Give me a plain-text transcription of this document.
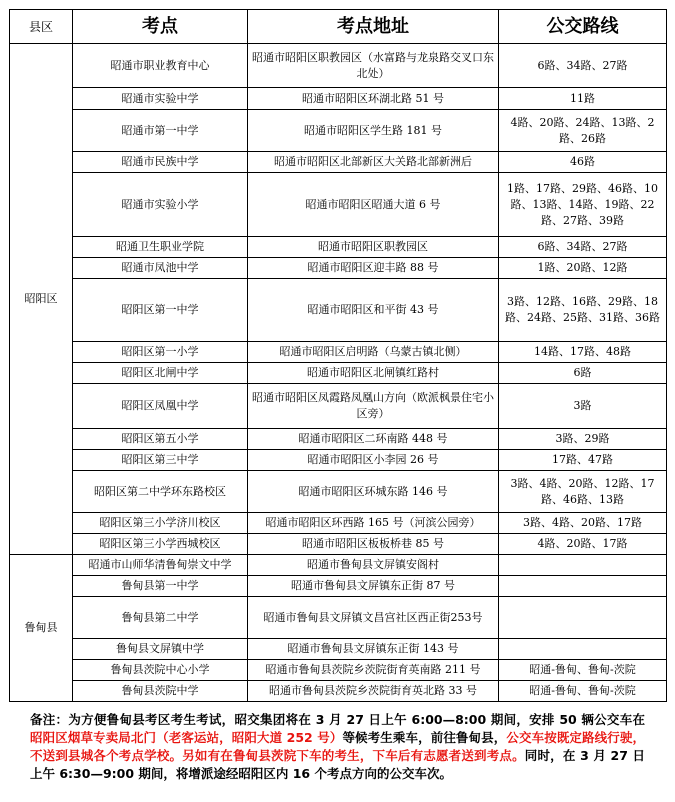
县区	考点	考点地址	公交路线
昭阳区	昭通市职业教育中心	昭通市昭阳区职教园区（水富路与龙泉路交叉口东北处）	6路、34路、27路
	昭通市实验中学	昭通市昭阳区环湖北路 51 号	11路
	昭通市第一中学	昭通市昭阳区学生路 181 号	4路、20路、24路、13路、2路、26路
	昭通市民族中学	昭通市昭阳区北部新区大关路北部新洲后	46路
	昭通市实验小学	昭通市昭阳区昭通大道 6 号	1路、17路、29路、46路、10路、13路、14路、19路、22路、27路、39路
	昭通卫生职业学院	昭通市昭阳区职教园区	6路、34路、27路
	昭通市凤池中学	昭通市昭阳区迎丰路 88 号	1路、20路、12路
	昭阳区第一中学	昭通市昭阳区和平街 43 号	3路、12路、16路、29路、18路、24路、25路、31路、36路
	昭阳区第一小学	昭通市昭阳区启明路（乌蒙古镇北侧）	14路、17路、48路
	昭阳区北闸中学	昭通市昭阳区北闸镇红路村	6路
	昭阳区凤凰中学	昭通市昭阳区凤霞路凤凰山方向（欧派枫景住宅小区旁）	3路
	昭阳区第五小学	昭通市昭阳区二环南路 448 号	3路、29路
	昭阳区第三中学	昭通市昭阳区小李园 26 号	17路、47路
	昭阳区第二中学环东路校区	昭通市昭阳区环城东路 146 号	3路、4路、20路、12路、17路、46路、13路
	昭阳区第三小学济川校区	昭通市昭阳区环西路 165 号（河滨公园旁）	3路、4路、20路、17路
	昭阳区第三小学西城校区	昭通市昭阳区板板桥巷 85 号	4路、20路、17路
鲁甸县	昭通市山师华清鲁甸崇文中学	昭通市鲁甸县文屏镇安阁村	
	鲁甸县第一中学	昭通市鲁甸县文屏镇东正街 87 号	
	鲁甸县第二中学	昭通市鲁甸县文屏镇文昌宫社区西正街253号	
	鲁甸县文屏镇中学	昭通市鲁甸县文屏镇东正街 143 号	
	鲁甸县茨院中心小学	昭通市鲁甸县茨院乡茨院街育英南路 211 号	昭通-鲁甸、鲁甸-茨院
	鲁甸县茨院中学	昭通市鲁甸县茨院乡茨院街育英北路 33 号	昭通-鲁甸、鲁甸-茨院
备注：为方便鲁甸县考区考生考试，昭交集团将在 3 月 27 日上午 6:00—8:00 期间，安排 50 辆公交车在昭阳区烟草专卖局北门（老客运站，昭阳大道 252 号）等候考生乘车，前往鲁甸县，公交车按既定路线行驶，不送到县城各个考点学校。另如有在鲁甸县茨院下车的考生，下车后有志愿者送到考点。同时，在 3 月 27 日上午 6:30—9:00 期间，将增派途经昭阳区内 16 个考点方向的公交车次。
